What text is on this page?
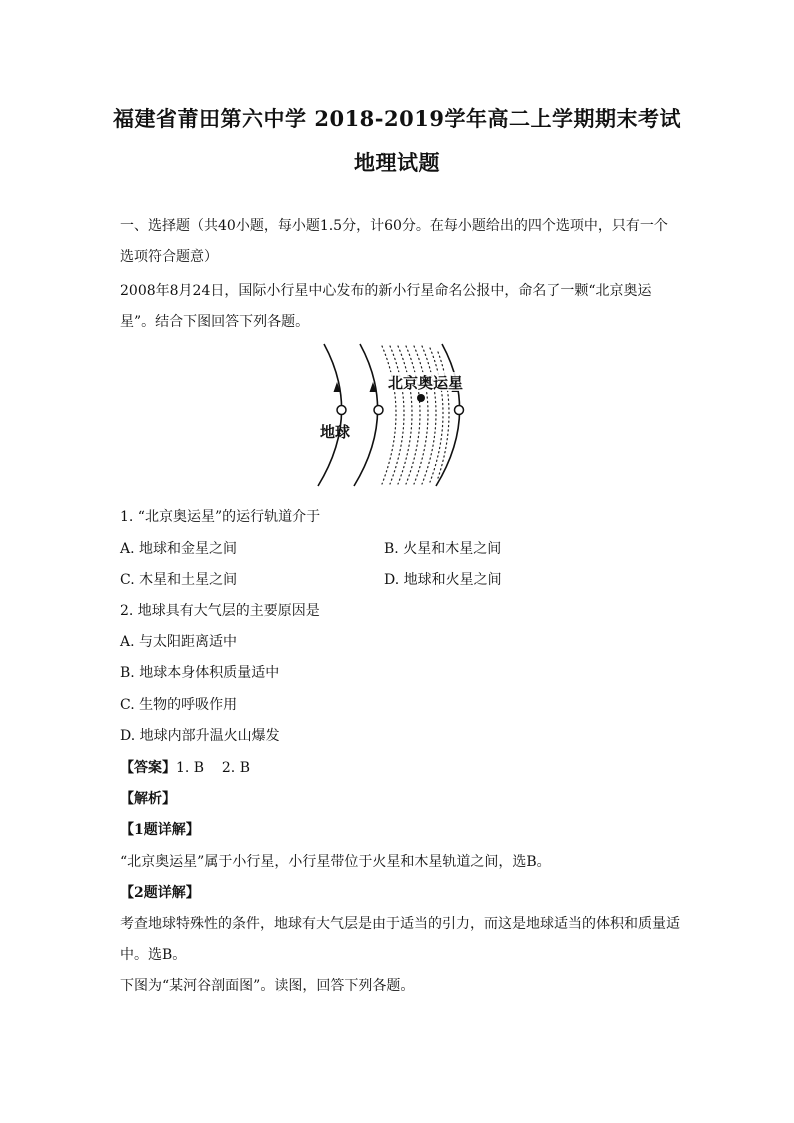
福建省莆田第六中学 2018-2019学年高二上学期期末考试
地理试题
一、选择题（共40小题，每小题1.5分，计60分。在每小题给出的四个选项中，只有一个
选项符合题意）
2008年8月24日，国际小行星中心发布的新小行星命名公报中，命名了一颗“北京奥运
星”。结合下图回答下列各题。
北京奥运星
地球
1. “北京奥运星”的运行轨道介于
A. 地球和金星之间	B. 火星和木星之间
C. 木星和土星之间	D. 地球和火星之间
2. 地球具有大气层的主要原因是
A. 与太阳距离适中
B. 地球本身体积质量适中
C. 生物的呼吸作用
D. 地球内部升温火山爆发
【答案】1. B    2. B
【解析】
【1题详解】
“北京奥运星”属于小行星，小行星带位于火星和木星轨道之间，选B。
【2题详解】
考查地球特殊性的条件，地球有大气层是由于适当的引力，而这是地球适当的体积和质量适
中。选B。
下图为“某河谷剖面图”。读图，回答下列各题。
